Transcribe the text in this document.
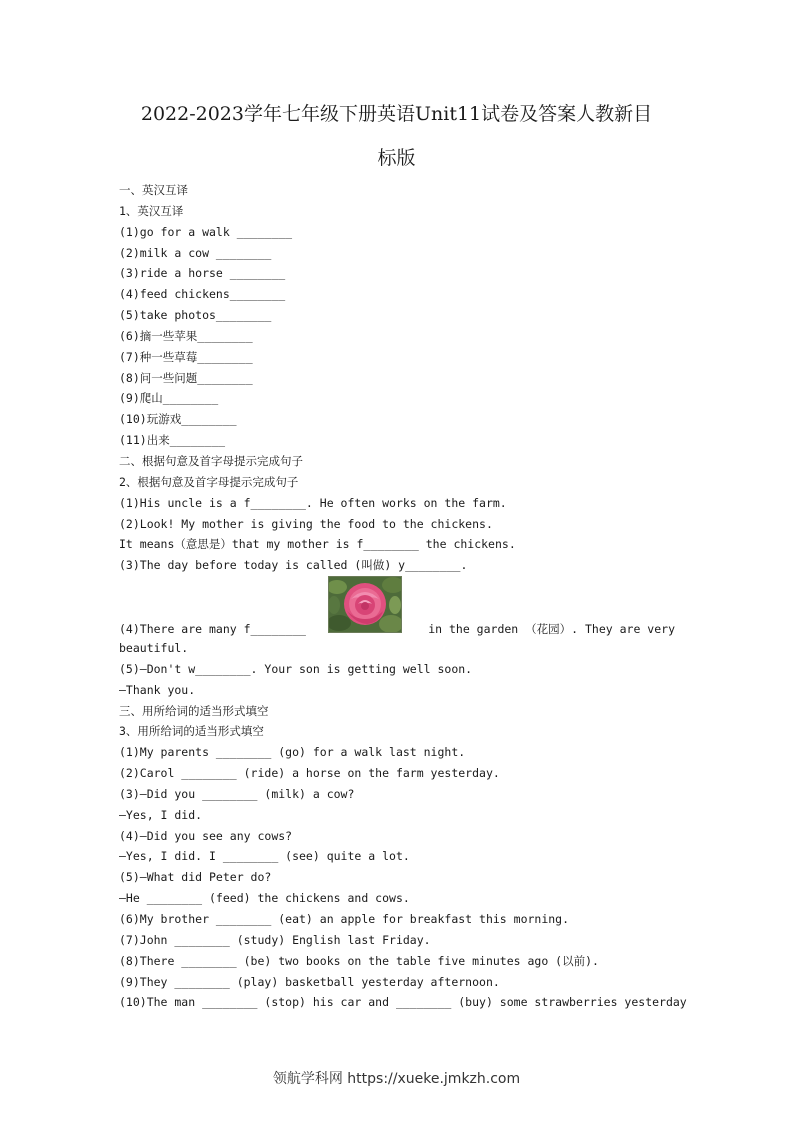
2022-2023学年七年级下册英语Unit11试卷及答案人教新目
标版
一、英汉互译
1、英汉互译
(1)go for a walk ________
(2)milk a cow ________
(3)ride a horse ________
(4)feed chickens________
(5)take photos________
(6)摘一些苹果________
(7)种一些草莓________
(8)问一些问题________
(9)爬山________
(10)玩游戏________
(11)出来________
二、根据句意及首字母提示完成句子
2、根据句意及首字母提示完成句子
(1)His uncle is a f________. He often works on the farm.
(2)Look! My mother is giving the food to the chickens.
It means（意思是）that my mother is f________ the chickens.
(3)The day before today is called (叫做) y________.
(4)There are many f________	in the garden （花园）. They are very
beautiful.
(5)—Don't w________. Your son is getting well soon.
—Thank you.
三、用所给词的适当形式填空
3、用所给词的适当形式填空
(1)My parents ________ (go) for a walk last night.
(2)Carol ________ (ride) a horse on the farm yesterday.
(3)—Did you ________ (milk) a cow?
—Yes, I did.
(4)—Did you see any cows?
—Yes, I did. I ________ (see) quite a lot.
(5)—What did Peter do?
—He ________ (feed) the chickens and cows.
(6)My brother ________ (eat) an apple for breakfast this morning.
(7)John ________ (study) English last Friday.
(8)There ________ (be) two books on the table five minutes ago (以前).
(9)They ________ (play) basketball yesterday afternoon.
(10)The man ________ (stop) his car and ________ (buy) some strawberries yesterday
领航学科网 https://xueke.jmkzh.com
